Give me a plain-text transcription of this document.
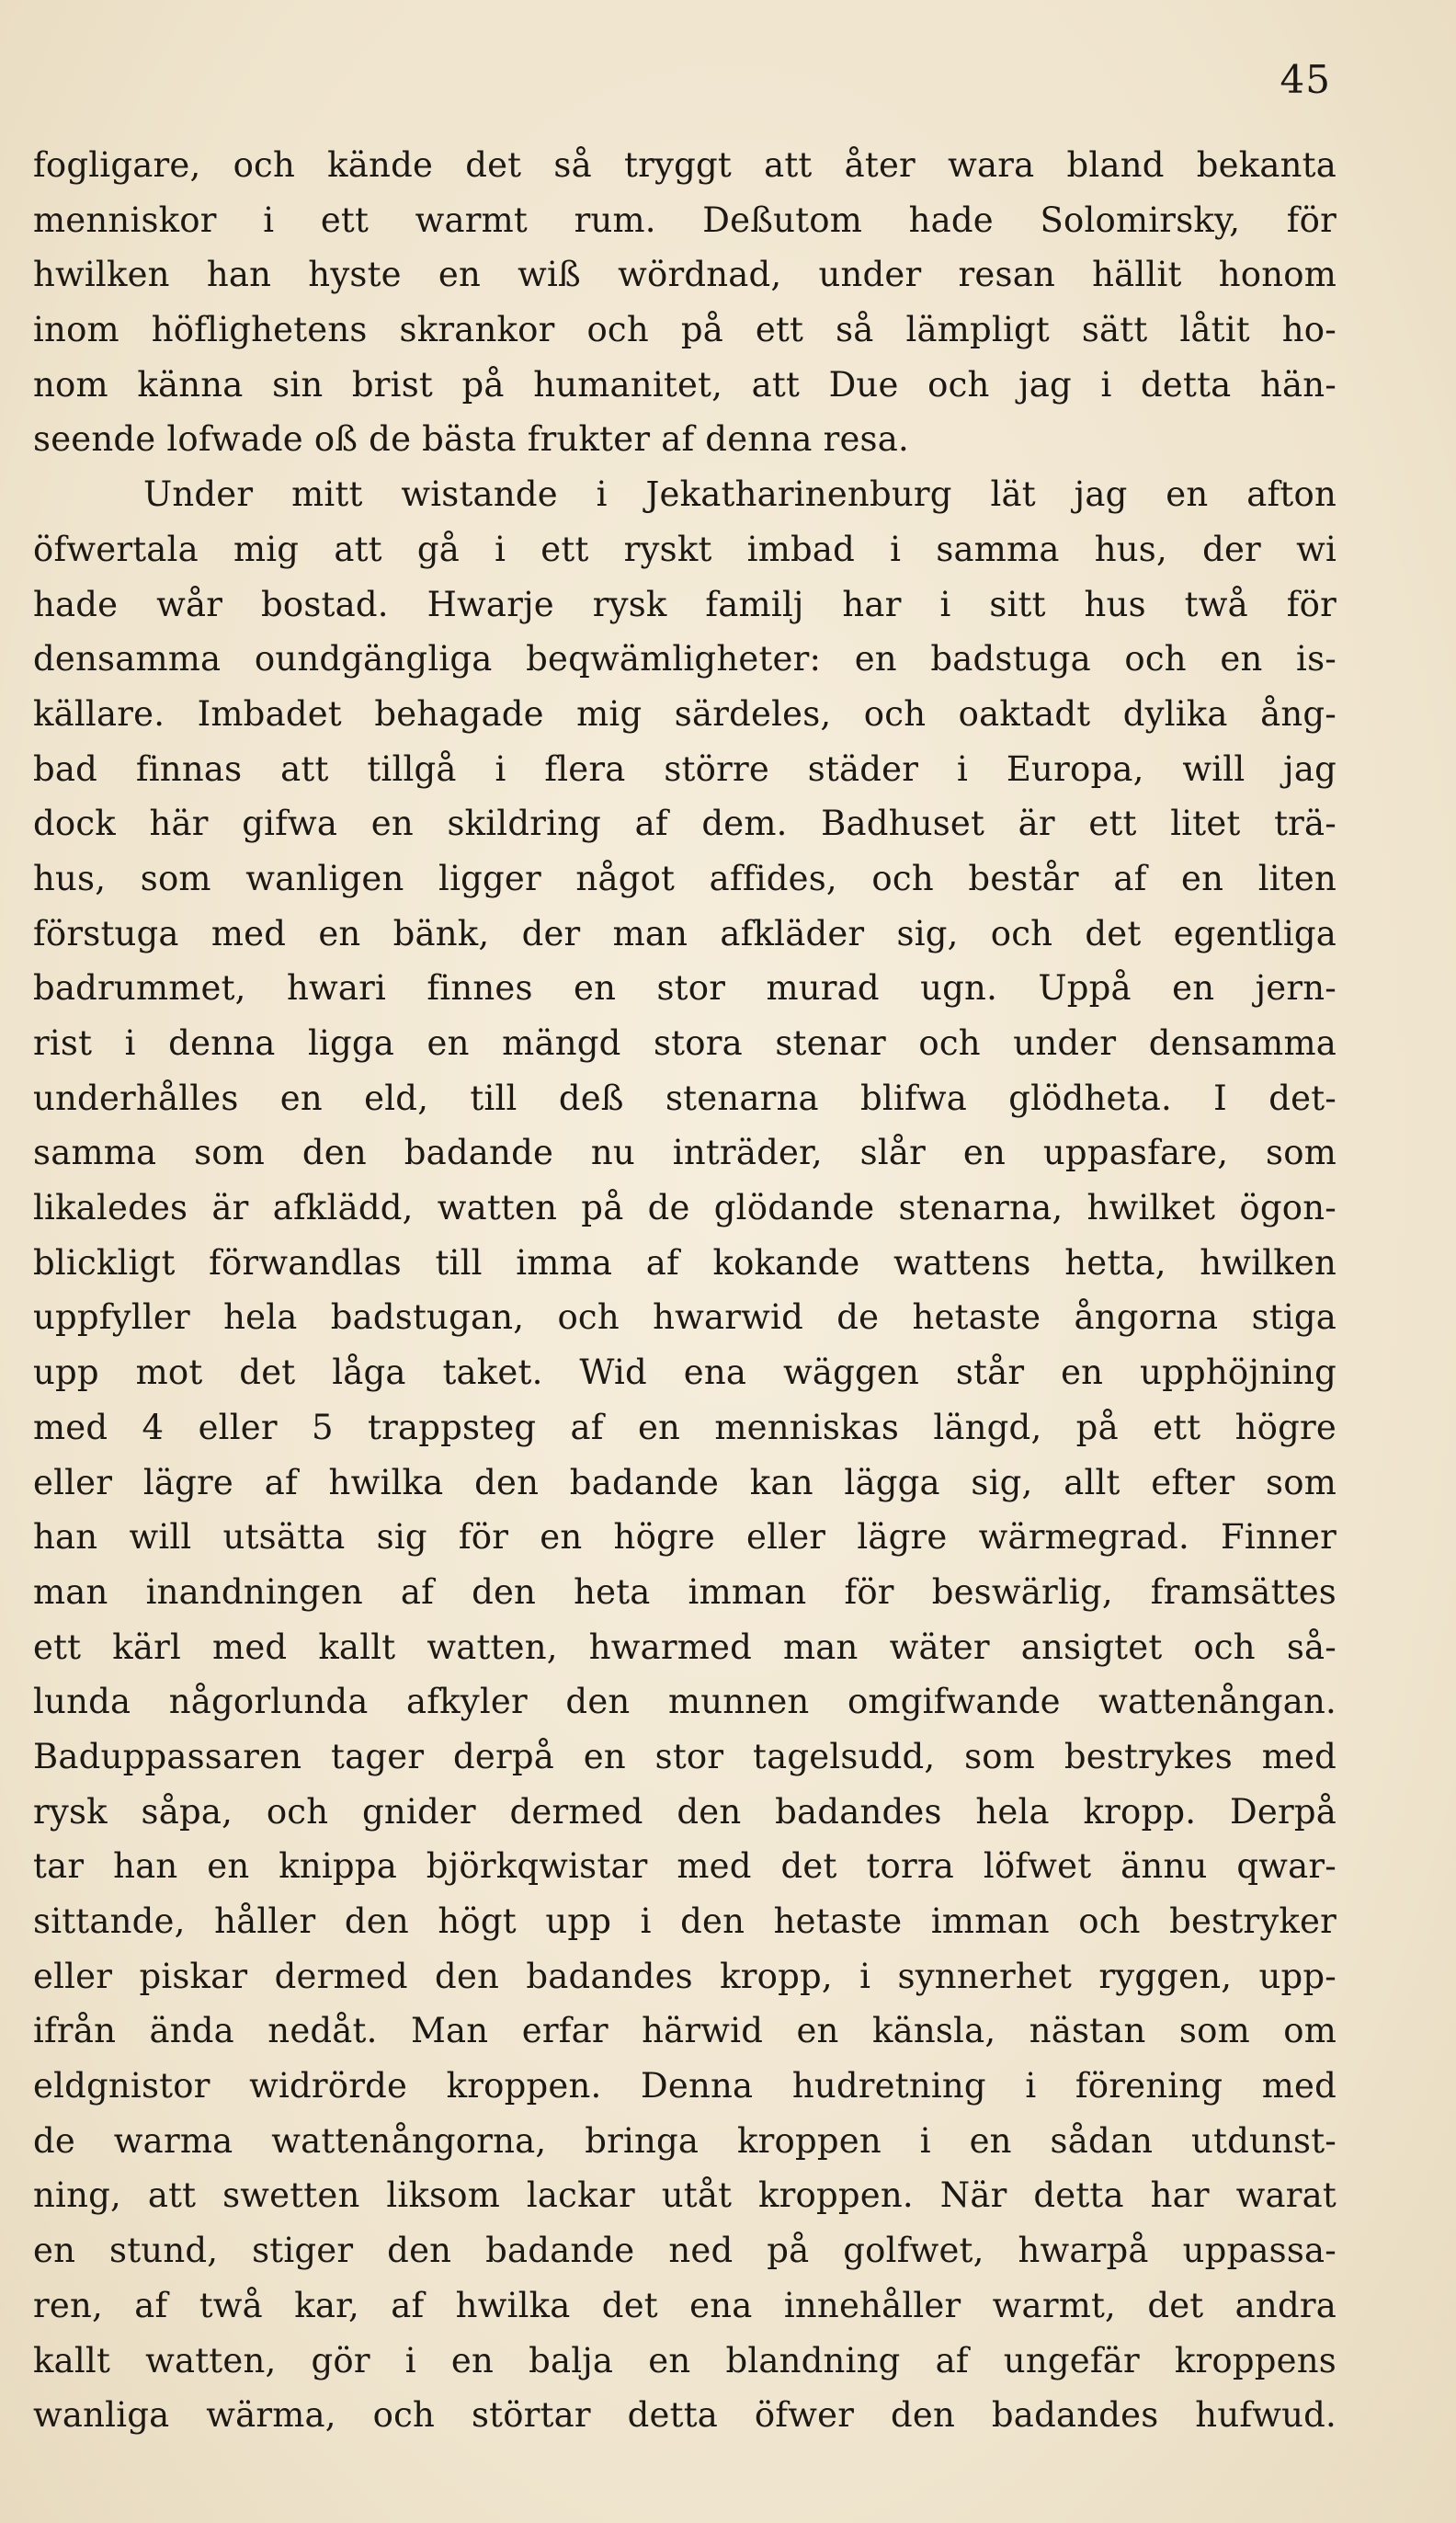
45
fogligare, och kände det så tryggt att åter wara bland bekanta
menniskor i ett warmt rum. Deßutom hade Solomirsky, för
hwilken han hyste en wiß wördnad, under resan hällit honom
inom höflighetens skrankor och på ett så lämpligt sätt låtit ho-
nom känna sin brist på humanitet, att Due och jag i detta hän-
seende lofwade oß de bästa frukter af denna resa.
Under mitt wistande i Jekatharinenburg lät jag en afton
öfwertala mig att gå i ett ryskt imbad i samma hus, der wi
hade wår bostad. Hwarje rysk familj har i sitt hus twå för
densamma oundgängliga beqwämligheter: en badstuga och en is-
källare. Imbadet behagade mig särdeles, och oaktadt dylika ång-
bad finnas att tillgå i flera större städer i Europa, will jag
dock här gifwa en skildring af dem. Badhuset är ett litet trä-
hus, som wanligen ligger något affides, och består af en liten
förstuga med en bänk, der man afkläder sig, och det egentliga
badrummet, hwari finnes en stor murad ugn. Uppå en jern-
rist i denna ligga en mängd stora stenar och under densamma
underhålles en eld, till deß stenarna blifwa glödheta. I det-
samma som den badande nu inträder, slår en uppasfare, som
likaledes är afklädd, watten på de glödande stenarna, hwilket ögon-
blickligt förwandlas till imma af kokande wattens hetta, hwilken
uppfyller hela badstugan, och hwarwid de hetaste ångorna stiga
upp mot det låga taket. Wid ena wäggen står en upphöjning
med 4 eller 5 trappsteg af en menniskas längd, på ett högre
eller lägre af hwilka den badande kan lägga sig, allt efter som
han will utsätta sig för en högre eller lägre wärmegrad. Finner
man inandningen af den heta imman för beswärlig, framsättes
ett kärl med kallt watten, hwarmed man wäter ansigtet och så-
lunda någorlunda afkyler den munnen omgifwande wattenångan.
Baduppassaren tager derpå en stor tagelsudd, som bestrykes med
rysk såpa, och gnider dermed den badandes hela kropp. Derpå
tar han en knippa björkqwistar med det torra löfwet ännu qwar-
sittande, håller den högt upp i den hetaste imman och bestryker
eller piskar dermed den badandes kropp, i synnerhet ryggen, upp-
ifrån ända nedåt. Man erfar härwid en känsla, nästan som om
eldgnistor widrörde kroppen. Denna hudretning i förening med
de warma wattenångorna, bringa kroppen i en sådan utdunst-
ning, att swetten liksom lackar utåt kroppen. När detta har warat
en stund, stiger den badande ned på golfwet, hwarpå uppassa-
ren, af twå kar, af hwilka det ena innehåller warmt, det andra
kallt watten, gör i en balja en blandning af ungefär kroppens
wanliga wärma, och störtar detta öfwer den badandes hufwud.
